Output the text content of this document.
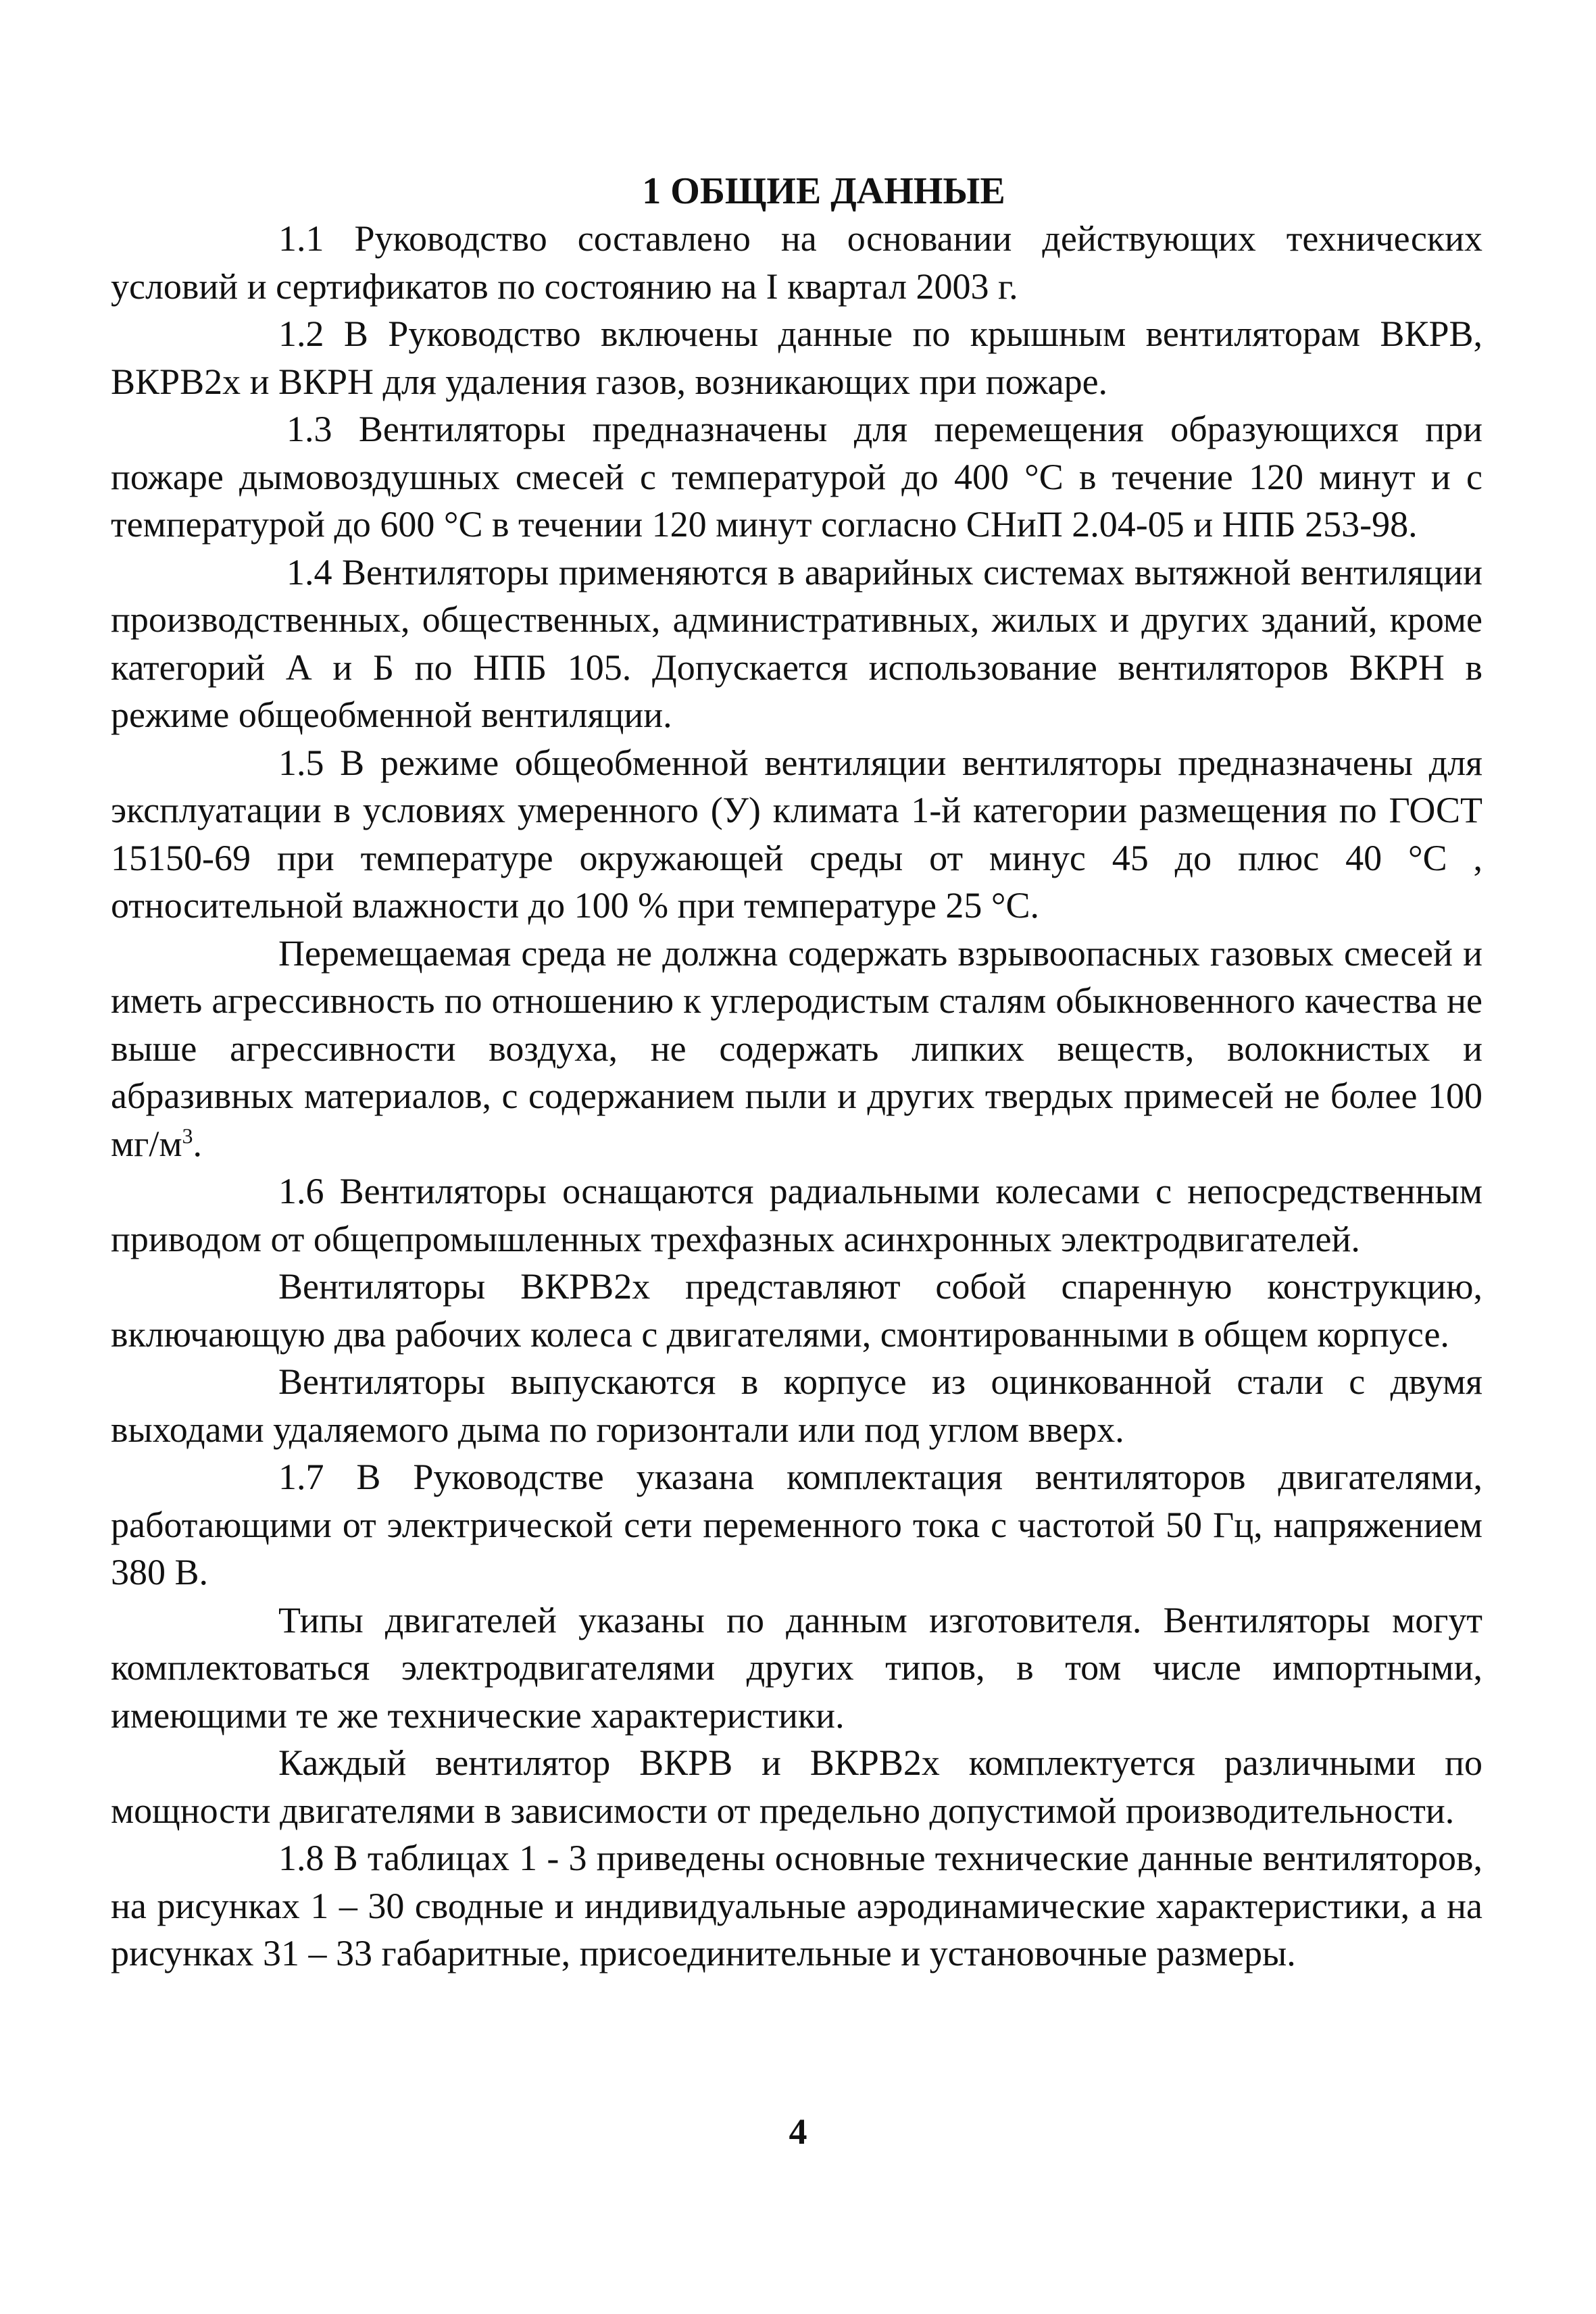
1 ОБЩИЕ ДАННЫЕ

1.1 Руководство составлено на основании действующих технических условий и сертификатов по состоянию на I квартал 2003 г.

1.2 В Руководство включены данные по крышным вентиляторам ВКРВ, ВКРВ2х и ВКРН для удаления газов, возникающих при пожаре.

1.3 Вентиляторы предназначены для перемещения образующихся при пожаре дымовоздушных смесей с температурой до 400 °С в течение 120 минут и с температурой до 600 °С в течении 120 минут согласно СНиП 2.04-05 и НПБ 253-98.

1.4 Вентиляторы применяются в аварийных системах вытяжной вентиляции производственных, общественных, административных, жилых и других зданий, кроме категорий А и Б по НПБ 105. Допускается использование вентиляторов ВКРН в режиме общеобменной вентиляции.

1.5 В режиме общеобменной вентиляции вентиляторы предназначены для эксплуатации в условиях умеренного (У) климата 1-й категории размещения по ГОСТ 15150-69 при температуре окружающей среды от минус 45 до плюс 40 °С , относительной влажности до 100 % при температуре 25 °С.

Перемещаемая среда не должна содержать взрывоопасных газовых смесей и иметь агрессивность по отношению к углеродистым сталям обыкновенного качества не выше агрессивности воздуха, не содержать липких веществ, волокнистых и абразивных материалов, с содержанием пыли и других твердых примесей не более 100 $мг/м^3$.

1.6 Вентиляторы оснащаются радиальными колесами с непосредственным приводом от общепромышленных трехфазных асинхронных электродвигателей.

Вентиляторы ВКРВ2х представляют собой спаренную конструкцию, включающую два рабочих колеса с двигателями, смонтированными в общем корпусе.

Вентиляторы выпускаются в корпусе из оцинкованной стали с двумя выходами удаляемого дыма по горизонтали или под углом вверх.

1.7 В Руководстве указана комплектация вентиляторов двигателями, работающими от электрической сети переменного тока с частотой 50 Гц, напряжением 380 В.

Типы двигателей указаны по данным изготовителя. Вентиляторы могут комплектоваться электродвигателями других типов, в том числе импортными, имеющими те же технические характеристики.

Каждый вентилятор ВКРВ и ВКРВ2х комплектуется различными по мощности двигателями в зависимости от предельно допустимой производительности.

1.8 В таблицах 1 - 3 приведены основные технические данные вентиляторов, на рисунках 1 – 30 сводные и индивидуальные аэродинамические характеристики, а на рисунках 31 – 33 габаритные, присоединительные и установочные размеры.

4
